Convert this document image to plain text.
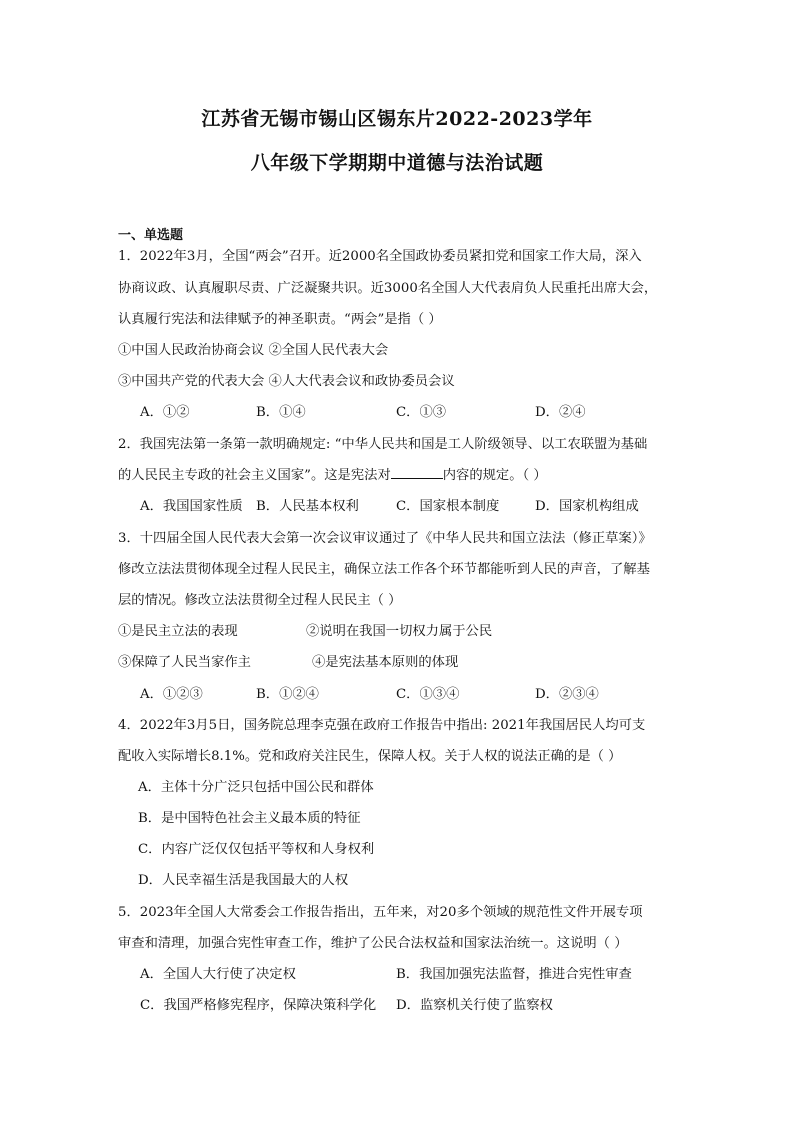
江苏省无锡市锡山区锡东片2022-2023学年
八年级下学期期中道德与法治试题
一、单选题
1．2022年3月，全国“两会”召开。近2000名全国政协委员紧扣党和国家工作大局，深入
协商议政、认真履职尽责、广泛凝聚共识。近3000名全国人大代表肩负人民重托出席大会，
认真履行宪法和法律赋予的神圣职责。“两会”是指（ ）
①中国人民政治协商会议 ②全国人民代表大会
③中国共产党的代表大会 ④人大代表会议和政协委员会议
A．①②	B．①④	C．①③	D．②④
2．我国宪法第一条第一款明确规定: “中华人民共和国是工人阶级领导、以工农联盟为基础
的人民民主专政的社会主义国家”。这是宪法对	内容的规定。（ ）
A．我国国家性质 B．人民基本权利	C．国家根本制度	D．国家机构组成
3．十四届全国人民代表大会第一次会议审议通过了《中华人民共和国立法法（修正草案）》
修改立法法贯彻体现全过程人民民主，确保立法工作各个环节都能听到人民的声音，了解基
层的情况。修改立法法贯彻全过程人民民主（ ）
①是民主立法的表现	②说明在我国一切权力属于公民
③保障了人民当家作主	④是宪法基本原则的体现
A．①②③	B．①②④	C．①③④	D．②③④
4．2022年3月5日，国务院总理李克强在政府工作报告中指出: 2021年我国居民人均可支
配收入实际增长8.1%。党和政府关注民生，保障人权。关于人权的说法正确的是（ ）
A．主体十分广泛只包括中国公民和群体
B．是中国特色社会主义最本质的特征
C．内容广泛仅仅包括平等权和人身权利
D．人民幸福生活是我国最大的人权
5．2023年全国人大常委会工作报告指出，五年来，对20多个领域的规范性文件开展专项
审查和清理，加强合宪性审查工作，维护了公民合法权益和国家法治统一。这说明（ ）
A．全国人大行使了决定权	B．我国加强宪法监督，推进合宪性审查
C．我国严格修宪程序，保障决策科学化 D．监察机关行使了监察权
